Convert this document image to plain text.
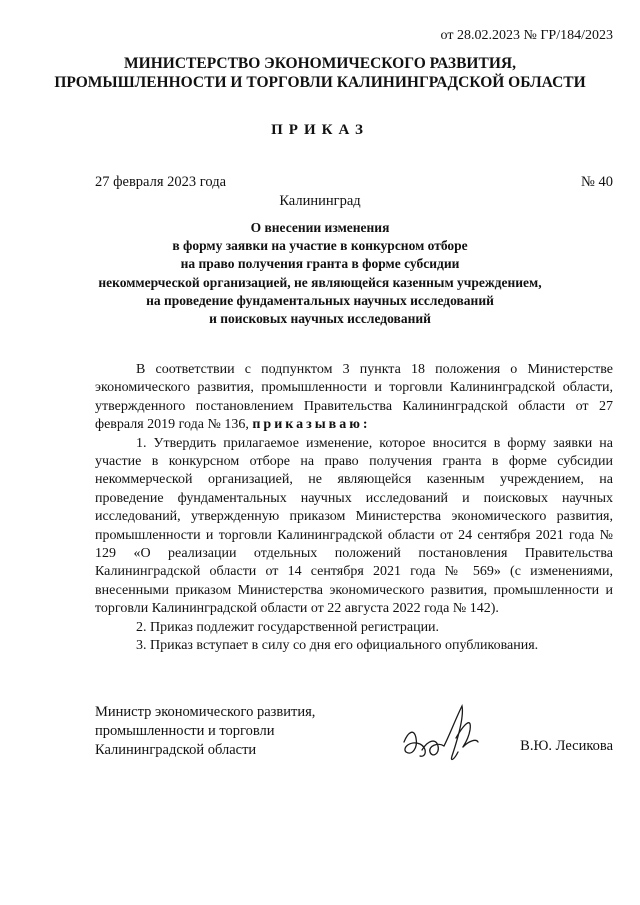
от 28.02.2023 № ГР/184/2023
МИНИСТЕРСТВО ЭКОНОМИЧЕСКОГО РАЗВИТИЯ,
ПРОМЫШЛЕННОСТИ И ТОРГОВЛИ КАЛИНИНГРАДСКОЙ ОБЛАСТИ
ПРИКАЗ
27 февраля 2023 года	№ 40
Калининград
О внесении изменения
в форму заявки на участие в конкурсном отборе
на право получения гранта в форме субсидии
некоммерческой организацией, не являющейся казенным учреждением,
на проведение фундаментальных научных исследований
и поисковых научных исследований

В соответствии с подпунктом 3 пункта 18 положения о Министерстве экономического развития, промышленности и торговли Калининградской области, утвержденного постановлением Правительства Калининградской области от 27 февраля 2019 года № 136, приказываю:

1. Утвердить прилагаемое изменение, которое вносится в форму заявки на участие в конкурсном отборе на право получения гранта в форме субсидии некоммерческой организацией, не являющейся казенным учреждением, на проведение фундаментальных научных исследований и поисковых научных исследований, утвержденную приказом Министерства экономического развития, промышленности и торговли Калининградской области от 24 сентября 2021 года № 129 «О реализации отдельных положений постановления Правительства Калининградской области от 14 сентября 2021 года № 569» (с изменениями, внесенными приказом Министерства экономического развития, промышленности и торговли Калининградской области от 22 августа 2022 года № 142).

2. Приказ подлежит государственной регистрации.

3. Приказ вступает в силу со дня его официального опубликования.

Министр экономического развития,
промышленности и торговли
Калининградской области	В.Ю. Лесикова
